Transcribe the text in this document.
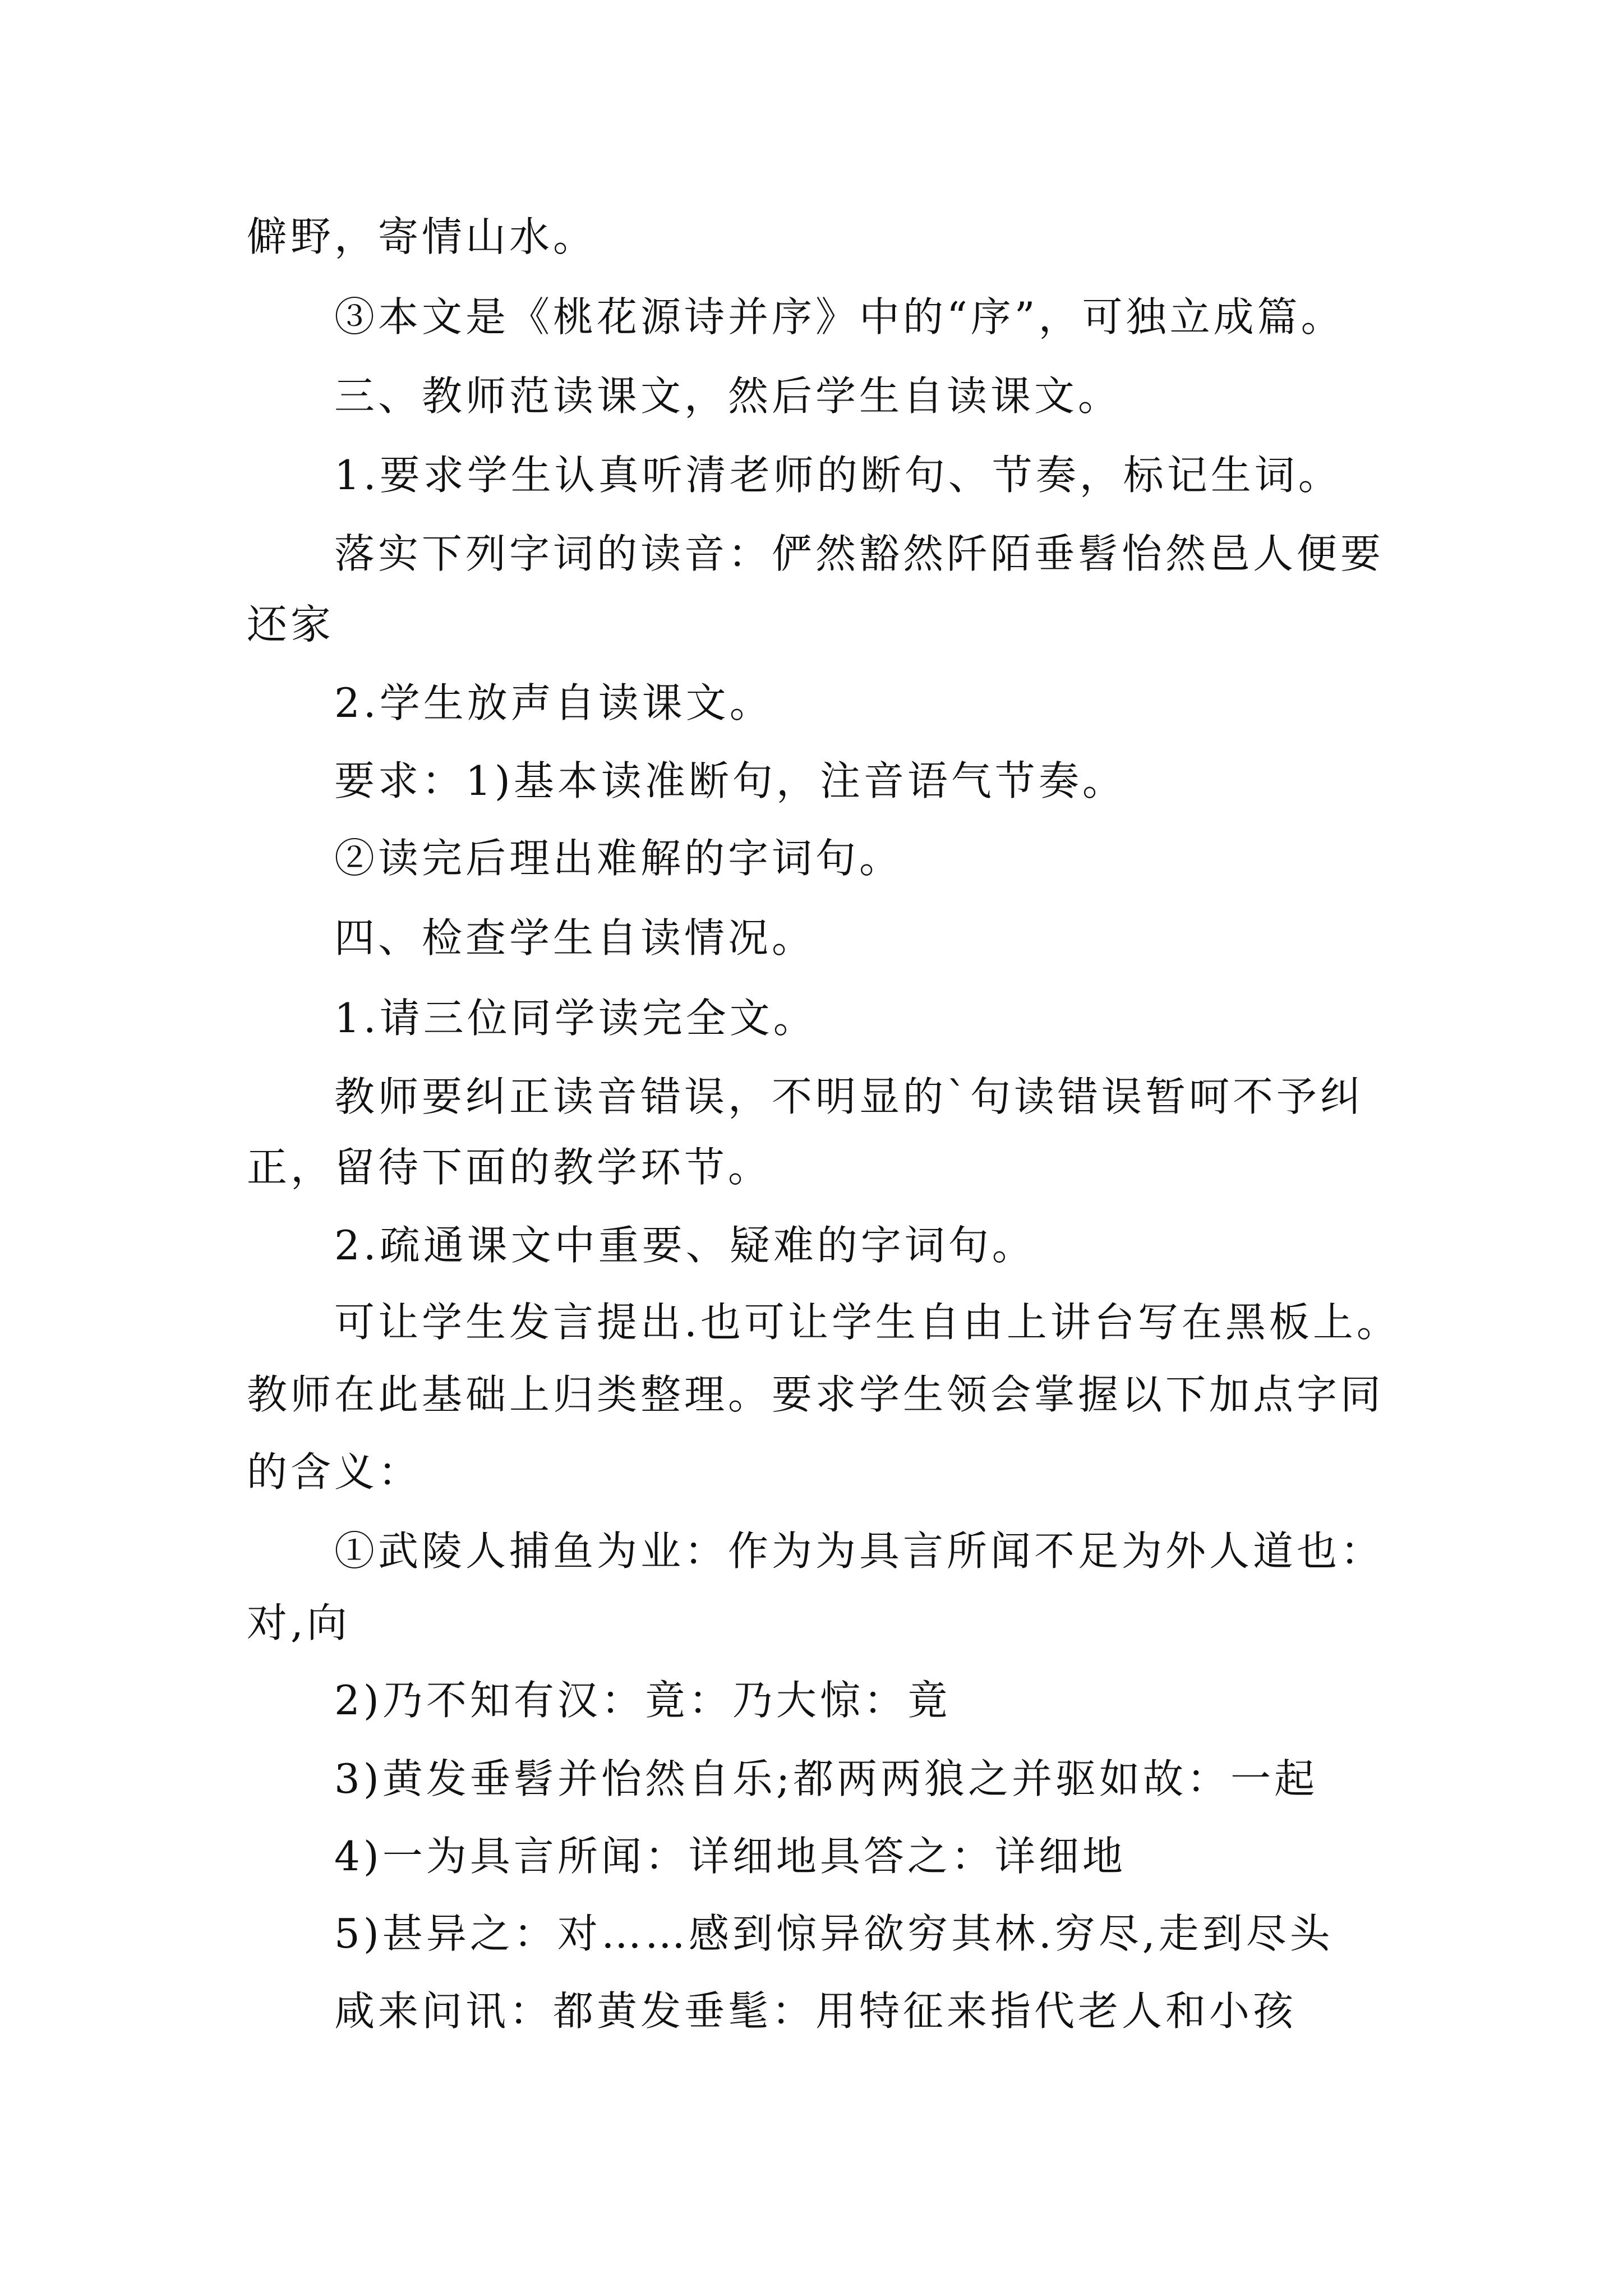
僻野，寄情山水。
③本文是《桃花源诗并序》中的“序”，可独立成篇。
三、教师范读课文，然后学生自读课文。
1.要求学生认真听清老师的断句、节奏，标记生词。
落实下列字词的读音：俨然豁然阡陌垂髫怡然邑人便要
还家
2.学生放声自读课文。
要求：1)基本读准断句，注音语气节奏。
②读完后理出难解的字词句。
四、检查学生自读情况。
1.请三位同学读完全文。
教师要纠正读音错误，不明显的`句读错误暂呵不予纠
正，留待下面的教学环节。
2.疏通课文中重要、疑难的字词句。
可让学生发言提出.也可让学生自由上讲台写在黑板上。
教师在此基础上归类整理。要求学生领会掌握以下加点字同
的含义：
①武陵人捕鱼为业：作为为具言所闻不足为外人道也：
对,向
2)乃不知有汉：竟：乃大惊：竟
3)黄发垂髫并怡然自乐;都两两狼之并驱如故：一起
4)一为具言所闻：详细地具答之：详细地
5)甚异之：对……感到惊异欲穷其林.穷尽,走到尽头
咸来问讯：都黄发垂髦：用特征来指代老人和小孩
